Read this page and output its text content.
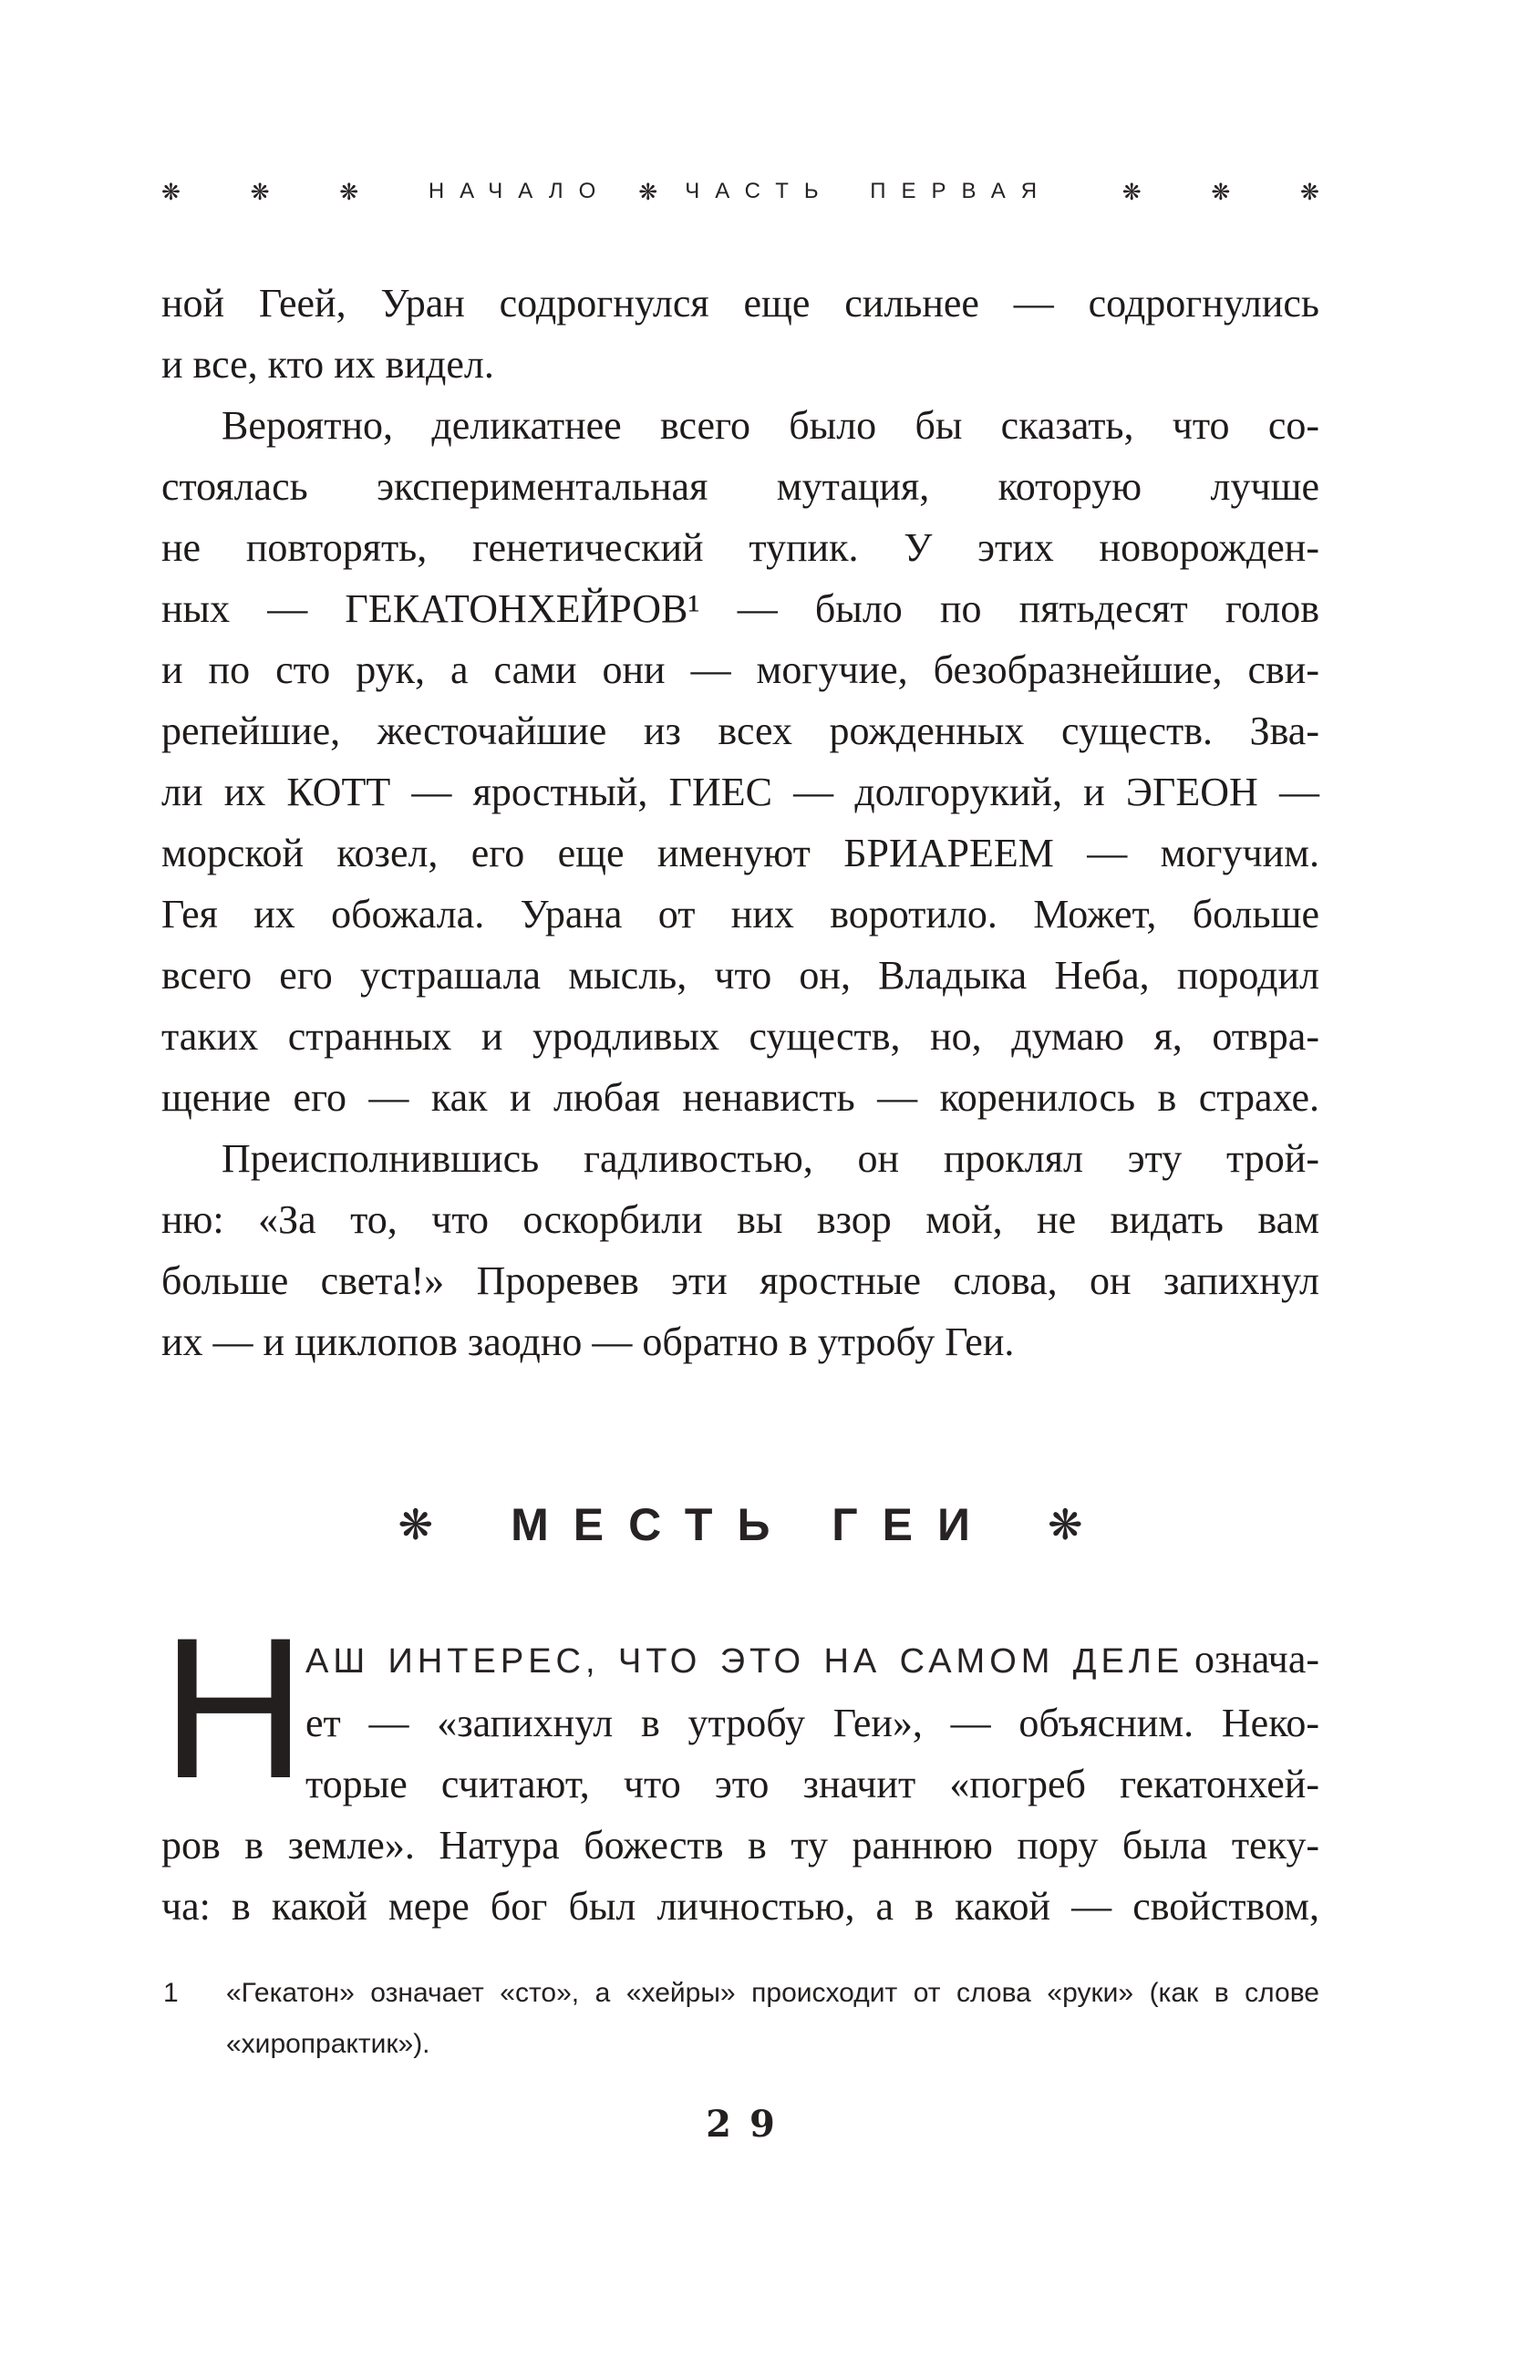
❋	❋	❋	НАЧАЛО ❋ ЧАСТЬ ПЕРВАЯ	❋	❋	❋
ной Геей, Уран содрогнулся еще сильнее — содрогнулись
и все, кто их видел.
Вероятно, деликатнее всего было бы сказать, что со-
стоялась экспериментальная мутация, которую лучше
не повторять, генетический тупик. У этих новорожден-
ных — ГЕКАТОНХЕЙРОВ¹ — было по пятьдесят голов
и по сто рук, а сами они — могучие, безобразнейшие, сви-
репейшие, жесточайшие из всех рожденных существ. Зва-
ли их КОТТ — яростный, ГИЕС — долгорукий, и ЭГЕОН —
морской козел, его еще именуют БРИАРЕЕМ — могучим.
Гея их обожала. Урана от них воротило. Может, больше
всего его устрашала мысль, что он, Владыка Неба, породил
таких странных и уродливых существ, но, думаю я, отвра-
щение его — как и любая ненависть — коренилось в страхе.
Преисполнившись гадливостью, он проклял эту трой-
ню: «За то, что оскорбили вы взор мой, не видать вам
больше света!» Проревев эти яростные слова, он запихнул
их — и циклопов заодно — обратно в утробу Геи.
❋	МЕСТЬ ГЕИ ❋
Н АШ ИНТЕРЕС, ЧТО ЭТО НА САМОМ ДЕЛЕ означа-
ет — «запихнул в утробу Геи», — объясним. Неко-
торые считают, что это значит «погреб гекатонхей-
ров в земле». Натура божеств в ту раннюю пору была теку-
ча: в какой мере бог был личностью, а в какой — свойством,
1 «Гекатон» означает «сто», а «хейры» происходит от слова «руки» (как в слове
«хиропрактик»).
29
